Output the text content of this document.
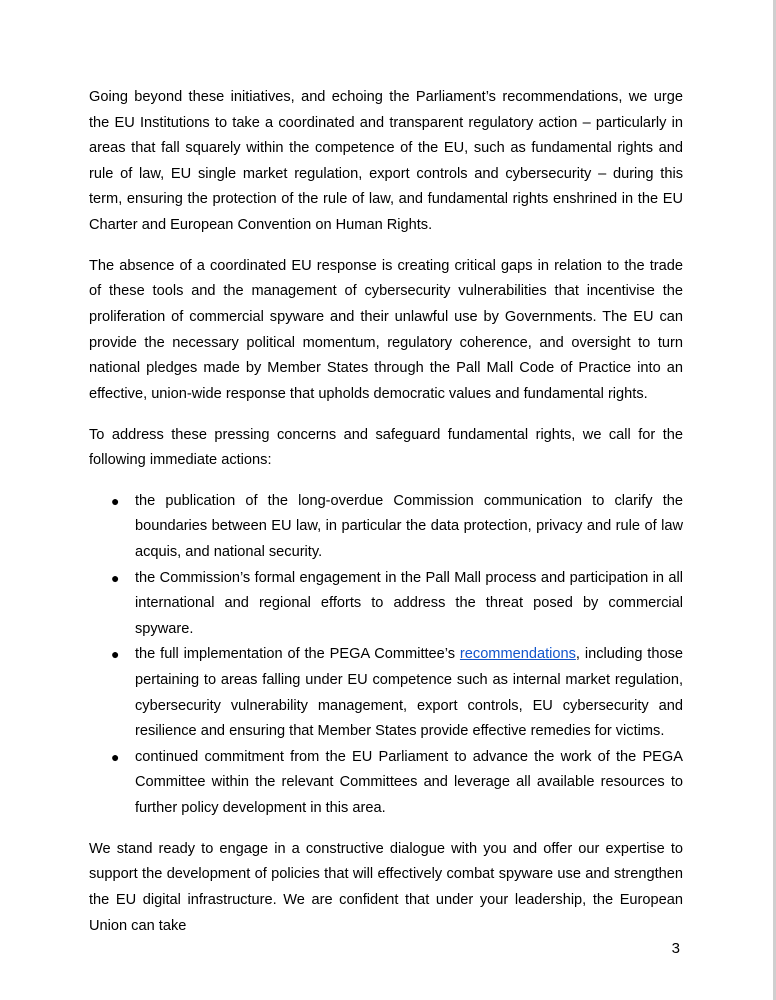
Going beyond these initiatives, and echoing the Parliament’s recommendations, we urge the EU Institutions to take a coordinated and transparent regulatory action – particularly in areas that fall squarely within the competence of the EU, such as fundamental rights and rule of law, EU single market regulation, export controls and cybersecurity – during this term, ensuring the protection of the rule of law, and fundamental rights enshrined in the EU Charter and European Convention on Human Rights.

The absence of a coordinated EU response is creating critical gaps in relation to the trade of these tools and the management of cybersecurity vulnerabilities that incentivise the proliferation of commercial spyware and their unlawful use by Governments. The EU can provide the necessary political momentum, regulatory coherence, and oversight to turn national pledges made by Member States through the Pall Mall Code of Practice into an effective, union-wide response that upholds democratic values and fundamental rights.

To address these pressing concerns and safeguard fundamental rights, we call for the following immediate actions:

● the publication of the long-overdue Commission communication to clarify the boundaries between EU law, in particular the data protection, privacy and rule of law acquis, and national security.
● the Commission’s formal engagement in the Pall Mall process and participation in all international and regional efforts to address the threat posed by commercial spyware.
● the full implementation of the PEGA Committee’s recommendations, including those pertaining to areas falling under EU competence such as internal market regulation, cybersecurity vulnerability management, export controls, EU cybersecurity and resilience and ensuring that Member States provide effective remedies for victims.
● continued commitment from the EU Parliament to advance the work of the PEGA Committee within the relevant Committees and leverage all available resources to further policy development in this area.

We stand ready to engage in a constructive dialogue with you and offer our expertise to support the development of policies that will effectively combat spyware use and strengthen the EU digital infrastructure. We are confident that under your leadership, the European Union can take

3
